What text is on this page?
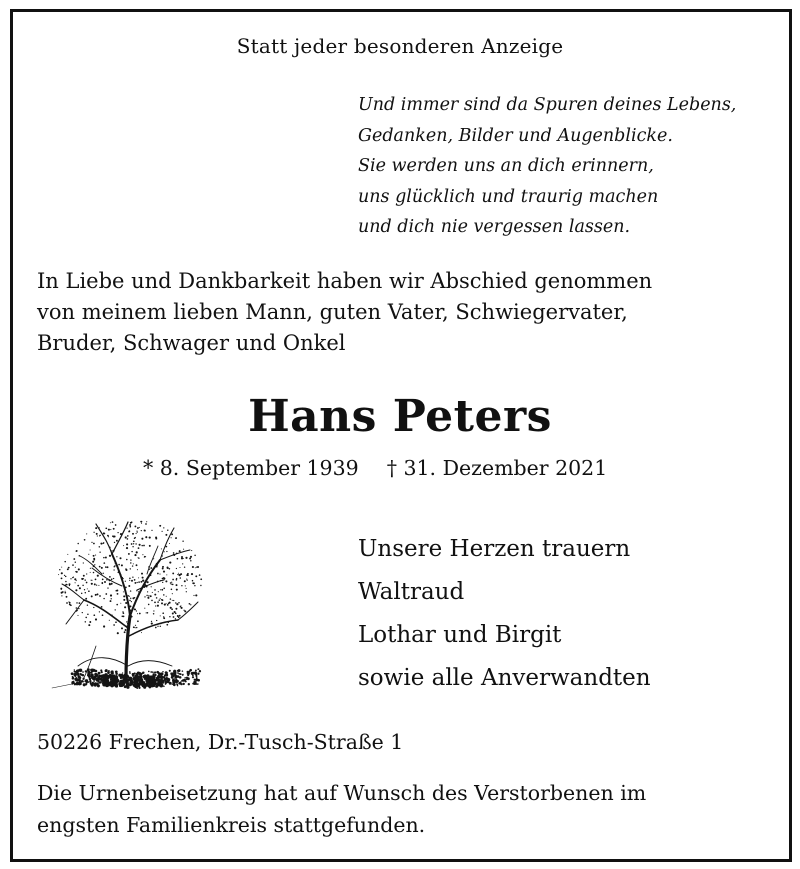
Statt jeder besonderen Anzeige
Und immer sind da Spuren deines Lebens,
Gedanken, Bilder und Augenblicke.
Sie werden uns an dich erinnern,
uns glücklich und traurig machen
und dich nie vergessen lassen.
In Liebe und Dankbarkeit haben wir Abschied genommen
von meinem lieben Mann, guten Vater, Schwiegervater,
Bruder, Schwager und Onkel
Hans Peters
* 8. September 1939 † 31. Dezember 2021
Unsere Herzen trauern
Waltraud
Lothar und Birgit
sowie alle Anverwandten
50226 Frechen, Dr.-Tusch-Straße 1
Die Urnenbeisetzung hat auf Wunsch des Verstorbenen im
engsten Familienkreis stattgefunden.
